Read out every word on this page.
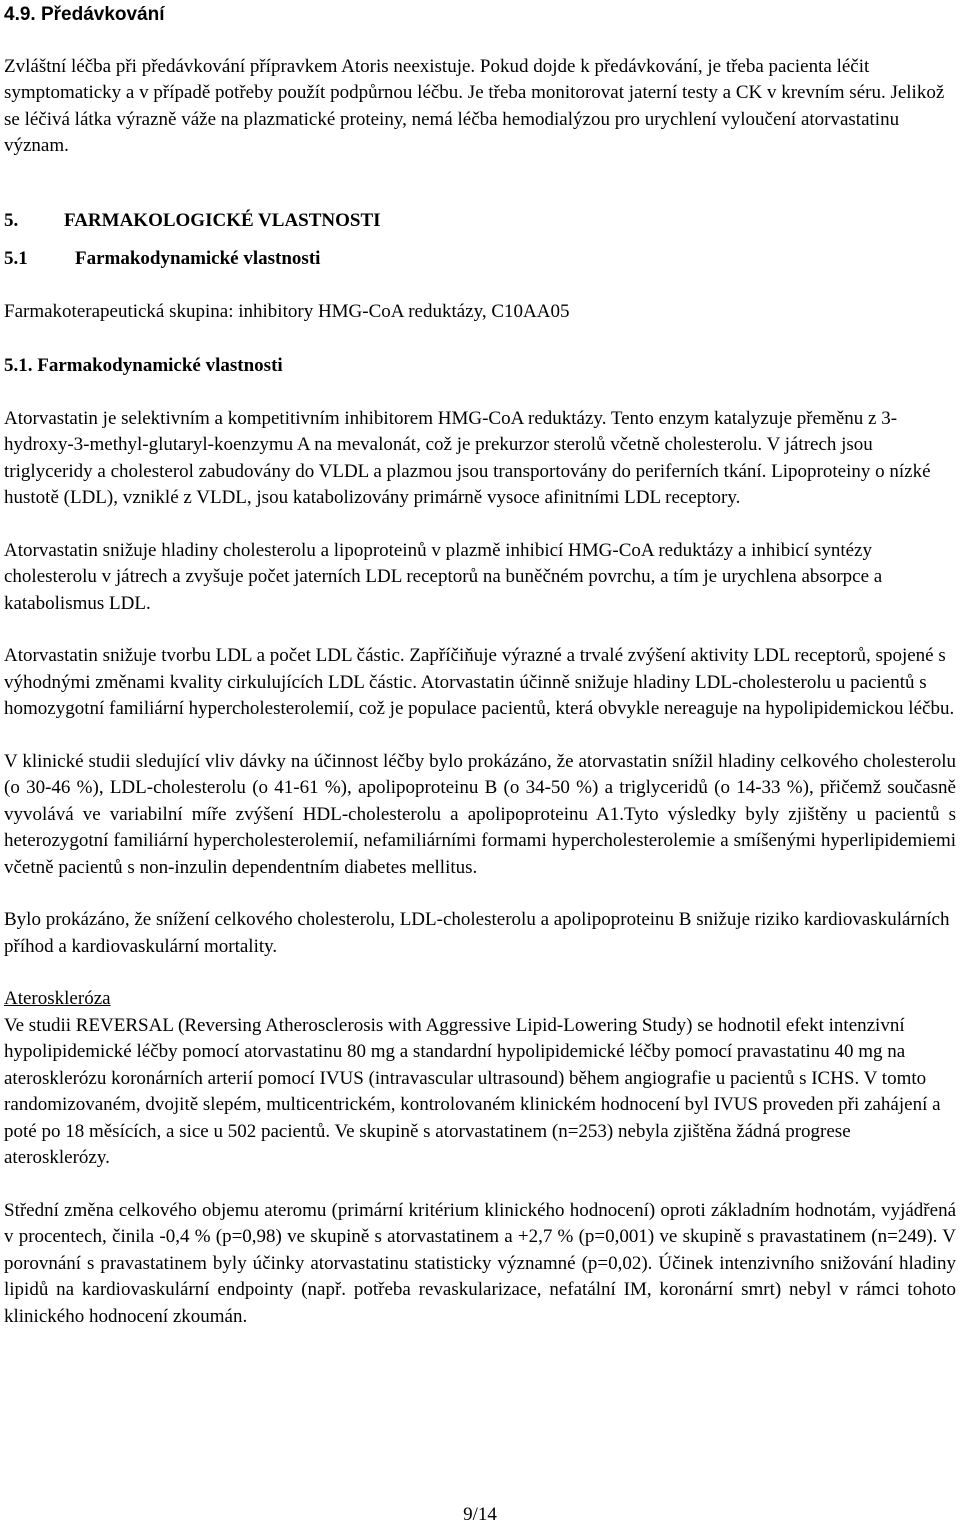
4.9. Předávkování

Zvláštní léčba při předávkování přípravkem Atoris neexistuje. Pokud dojde k předávkování, je třeba pacienta léčit symptomaticky a v případě potřeby použít podpůrnou léčbu. Je třeba monitorovat jaterní testy a CK v krevním séru. Jelikož se léčivá látka výrazně váže na plazmatické proteiny, nemá léčba hemodialýzou pro urychlení vyloučení atorvastatinu význam.

5. FARMAKOLOGICKÉ VLASTNOSTI

5.1 Farmakodynamické vlastnosti

Farmakoterapeutická skupina: inhibitory HMG-CoA reduktázy, C10AA05

5.1. Farmakodynamické vlastnosti

Atorvastatin je selektivním a kompetitivním inhibitorem HMG-CoA reduktázy. Tento enzym katalyzuje přeměnu z 3-hydroxy-3-methyl-glutaryl-koenzymu A na mevalonát, což je prekurzor sterolů včetně cholesterolu. V játrech jsou triglyceridy a cholesterol zabudovány do VLDL a plazmou jsou transportovány do periferních tkání. Lipoproteiny o nízké hustotě (LDL), vzniklé z VLDL, jsou katabolizovány primárně vysoce afinitními LDL receptory.

Atorvastatin snižuje hladiny cholesterolu a lipoproteinů v plazmě inhibicí HMG-CoA reduktázy a inhibicí syntézy cholesterolu v játrech a zvyšuje počet jaterních LDL receptorů na buněčném povrchu, a tím je urychlena absorpce a katabolismus LDL.

Atorvastatin snižuje tvorbu LDL a počet LDL částic. Zapříčiňuje výrazné a trvalé zvýšení aktivity LDL receptorů, spojené s výhodnými změnami kvality cirkulujících LDL částic. Atorvastatin účinně snižuje hladiny LDL-cholesterolu u pacientů s homozygotní familiární hypercholesterolemií, což je populace pacientů, která obvykle nereaguje na hypolipidemickou léčbu.

V klinické studii sledující vliv dávky na účinnost léčby bylo prokázáno, že atorvastatin snížil hladiny celkového cholesterolu (o 30-46 %), LDL-cholesterolu (o 41-61 %), apolipoproteinu B (o 34-50 %) a triglyceridů (o 14-33 %), přičemž současně vyvolává ve variabilní míře zvýšení HDL-cholesterolu a apolipoproteinu A1.Tyto výsledky byly zjištěny u pacientů s heterozygotní familiární hypercholesterolemií, nefamiliárními formami hypercholesterolemie a smíšenými hyperlipidemiemi včetně pacientů s non-inzulin dependentním diabetes mellitus.

Bylo prokázáno, že snížení celkového cholesterolu, LDL-cholesterolu a apolipoproteinu B snižuje riziko kardiovaskulárních příhod a kardiovaskulární mortality.

Ateroskleróza

Ve studii REVERSAL (Reversing Atherosclerosis with Aggressive Lipid-Lowering Study) se hodnotil efekt intenzivní hypolipidemické léčby pomocí atorvastatinu 80 mg a standardní hypolipidemické léčby pomocí pravastatinu 40 mg na aterosklerózu koronárních arterií pomocí IVUS (intravascular ultrasound) během angiografie u pacientů s ICHS. V tomto randomizovaném, dvojitě slepém, multicentrickém, kontrolovaném klinickém hodnocení byl IVUS proveden při zahájení a poté po 18 měsících, a sice u 502 pacientů. Ve skupině s atorvastatinem (n=253) nebyla zjištěna žádná progrese aterosklerózy.

Střední změna celkového objemu ateromu (primární kritérium klinického hodnocení) oproti základním hodnotám, vyjádřená v procentech, činila -0,4 % (p=0,98) ve skupině s atorvastatinem a +2,7 % (p=0,001) ve skupině s pravastatinem (n=249). V porovnání s pravastatinem byly účinky atorvastatinu statisticky významné (p=0,02). Účinek intenzivního snižování hladiny lipidů na kardiovaskulární endpointy (např. potřeba revaskularizace, nefatální IM, koronární smrt) nebyl v rámci tohoto klinického hodnocení zkoumán.

9/14
